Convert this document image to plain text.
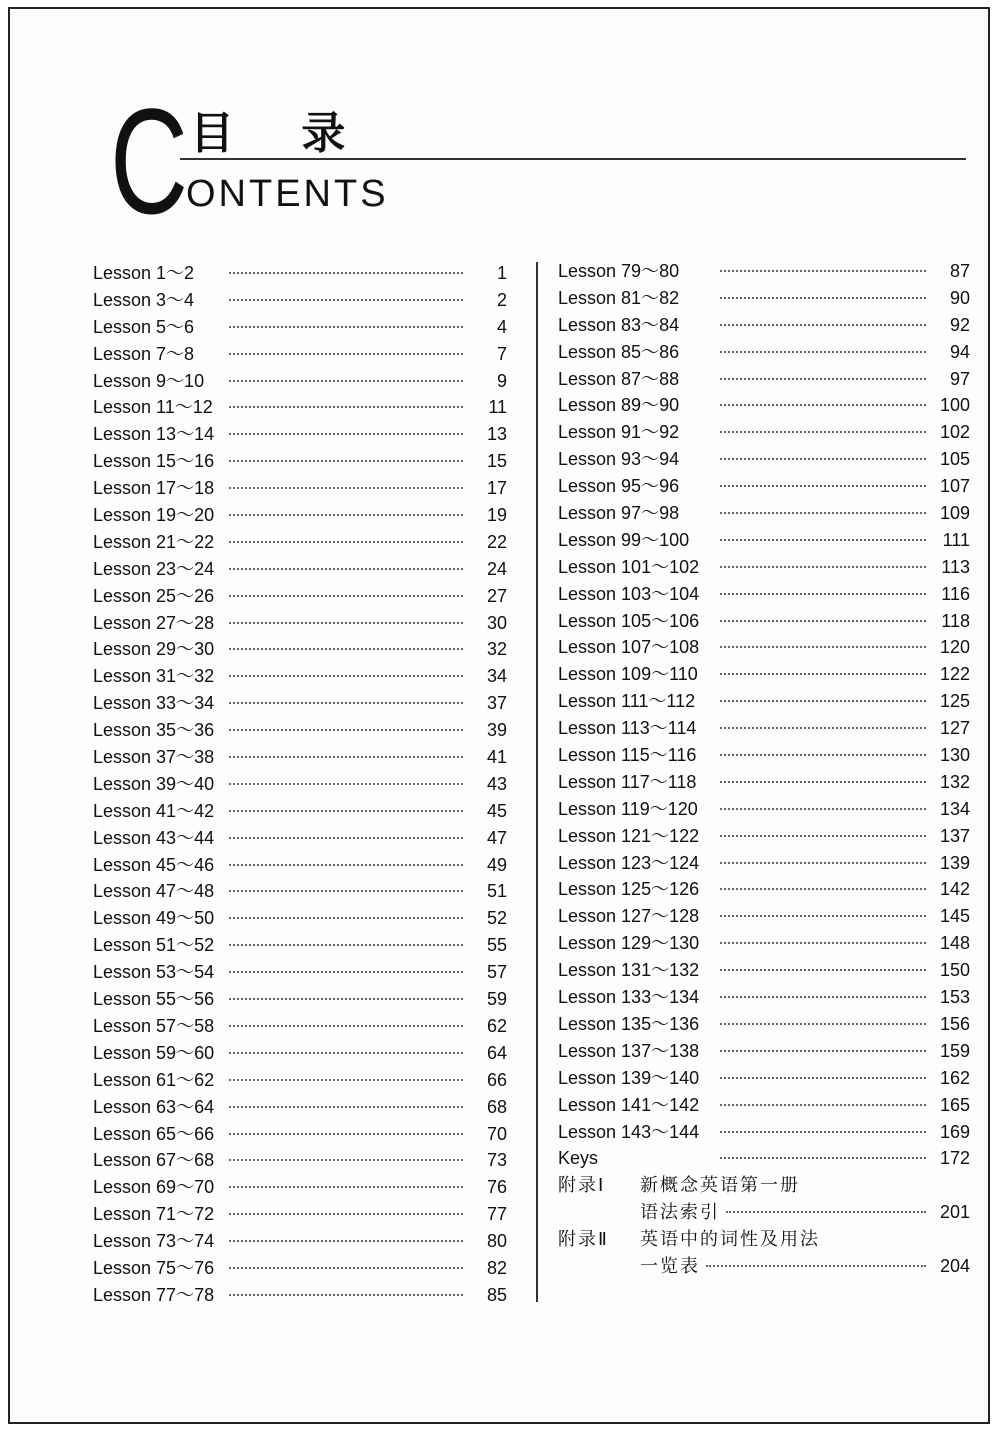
C 目 录
ONTENTS
Lesson 1～2	1
Lesson 3～4	2
Lesson 5～6	4
Lesson 7～8	7
Lesson 9～10	9
Lesson 11～12	11
Lesson 13～14	13
Lesson 15～16	15
Lesson 17～18	17
Lesson 19～20	19
Lesson 21～22	22
Lesson 23～24	24
Lesson 25～26	27
Lesson 27～28	30
Lesson 29～30	32
Lesson 31～32	34
Lesson 33～34	37
Lesson 35～36	39
Lesson 37～38	41
Lesson 39～40	43
Lesson 41～42	45
Lesson 43～44	47
Lesson 45～46	49
Lesson 47～48	51
Lesson 49～50	52
Lesson 51～52	55
Lesson 53～54	57
Lesson 55～56	59
Lesson 57～58	62
Lesson 59～60	64
Lesson 61～62	66
Lesson 63～64	68
Lesson 65～66	70
Lesson 67～68	73
Lesson 69～70	76
Lesson 71～72	77
Lesson 73～74	80
Lesson 75～76	82
Lesson 77～78	85
Lesson 79～80	87
Lesson 81～82	90
Lesson 83～84	92
Lesson 85～86	94
Lesson 87～88	97
Lesson 89～90	100
Lesson 91～92	102
Lesson 93～94	105
Lesson 95～96	107
Lesson 97～98	109
Lesson 99～100	111
Lesson 101～102	113
Lesson 103～104	116
Lesson 105～106	118
Lesson 107～108	120
Lesson 109～110	122
Lesson 111～112	125
Lesson 113～114	127
Lesson 115～116	130
Lesson 117～118	132
Lesson 119～120	134
Lesson 121～122	137
Lesson 123～124	139
Lesson 125～126	142
Lesson 127～128	145
Lesson 129～130	148
Lesson 131～132	150
Lesson 133～134	153
Lesson 135～136	156
Lesson 137～138	159
Lesson 139～140	162
Lesson 141～142	165
Lesson 143～144	169
Keys	172
附录Ⅰ	新概念英语第一册
语法索引	201
附录Ⅱ	英语中的词性及用法
一览表	204
